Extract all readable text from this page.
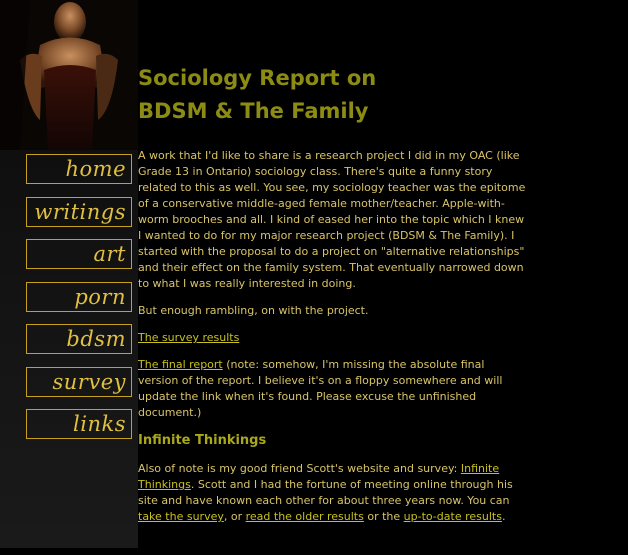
home
writings
art
porn
bdsm
survey
links
Sociology Report on
BDSM & The Family

A work that I'd like to share is a research project I did in my OAC (like Grade 13 in Ontario) sociology class. There's quite a funny story related to this as well. You see, my sociology teacher was the epitome of a conservative middle-aged female mother/teacher. Apple-with-worm brooches and all. I kind of eased her into the topic which I knew I wanted to do for my major research project (BDSM & The Family). I started with the proposal to do a project on "alternative relationships" and their effect on the family system. That eventually narrowed down to what I was really interested in doing.

But enough rambling, on with the project.

The survey results

The final report (note: somehow, I'm missing the absolute final version of the report. I believe it's on a floppy somewhere and will update the link when it's found. Please excuse the unfinished document.)

Infinite Thinkings

Also of note is my good friend Scott's website and survey: Infinite Thinkings. Scott and I had the fortune of meeting online through his site and have known each other for about three years now. You can take the survey, or read the older results or the up-to-date results.
